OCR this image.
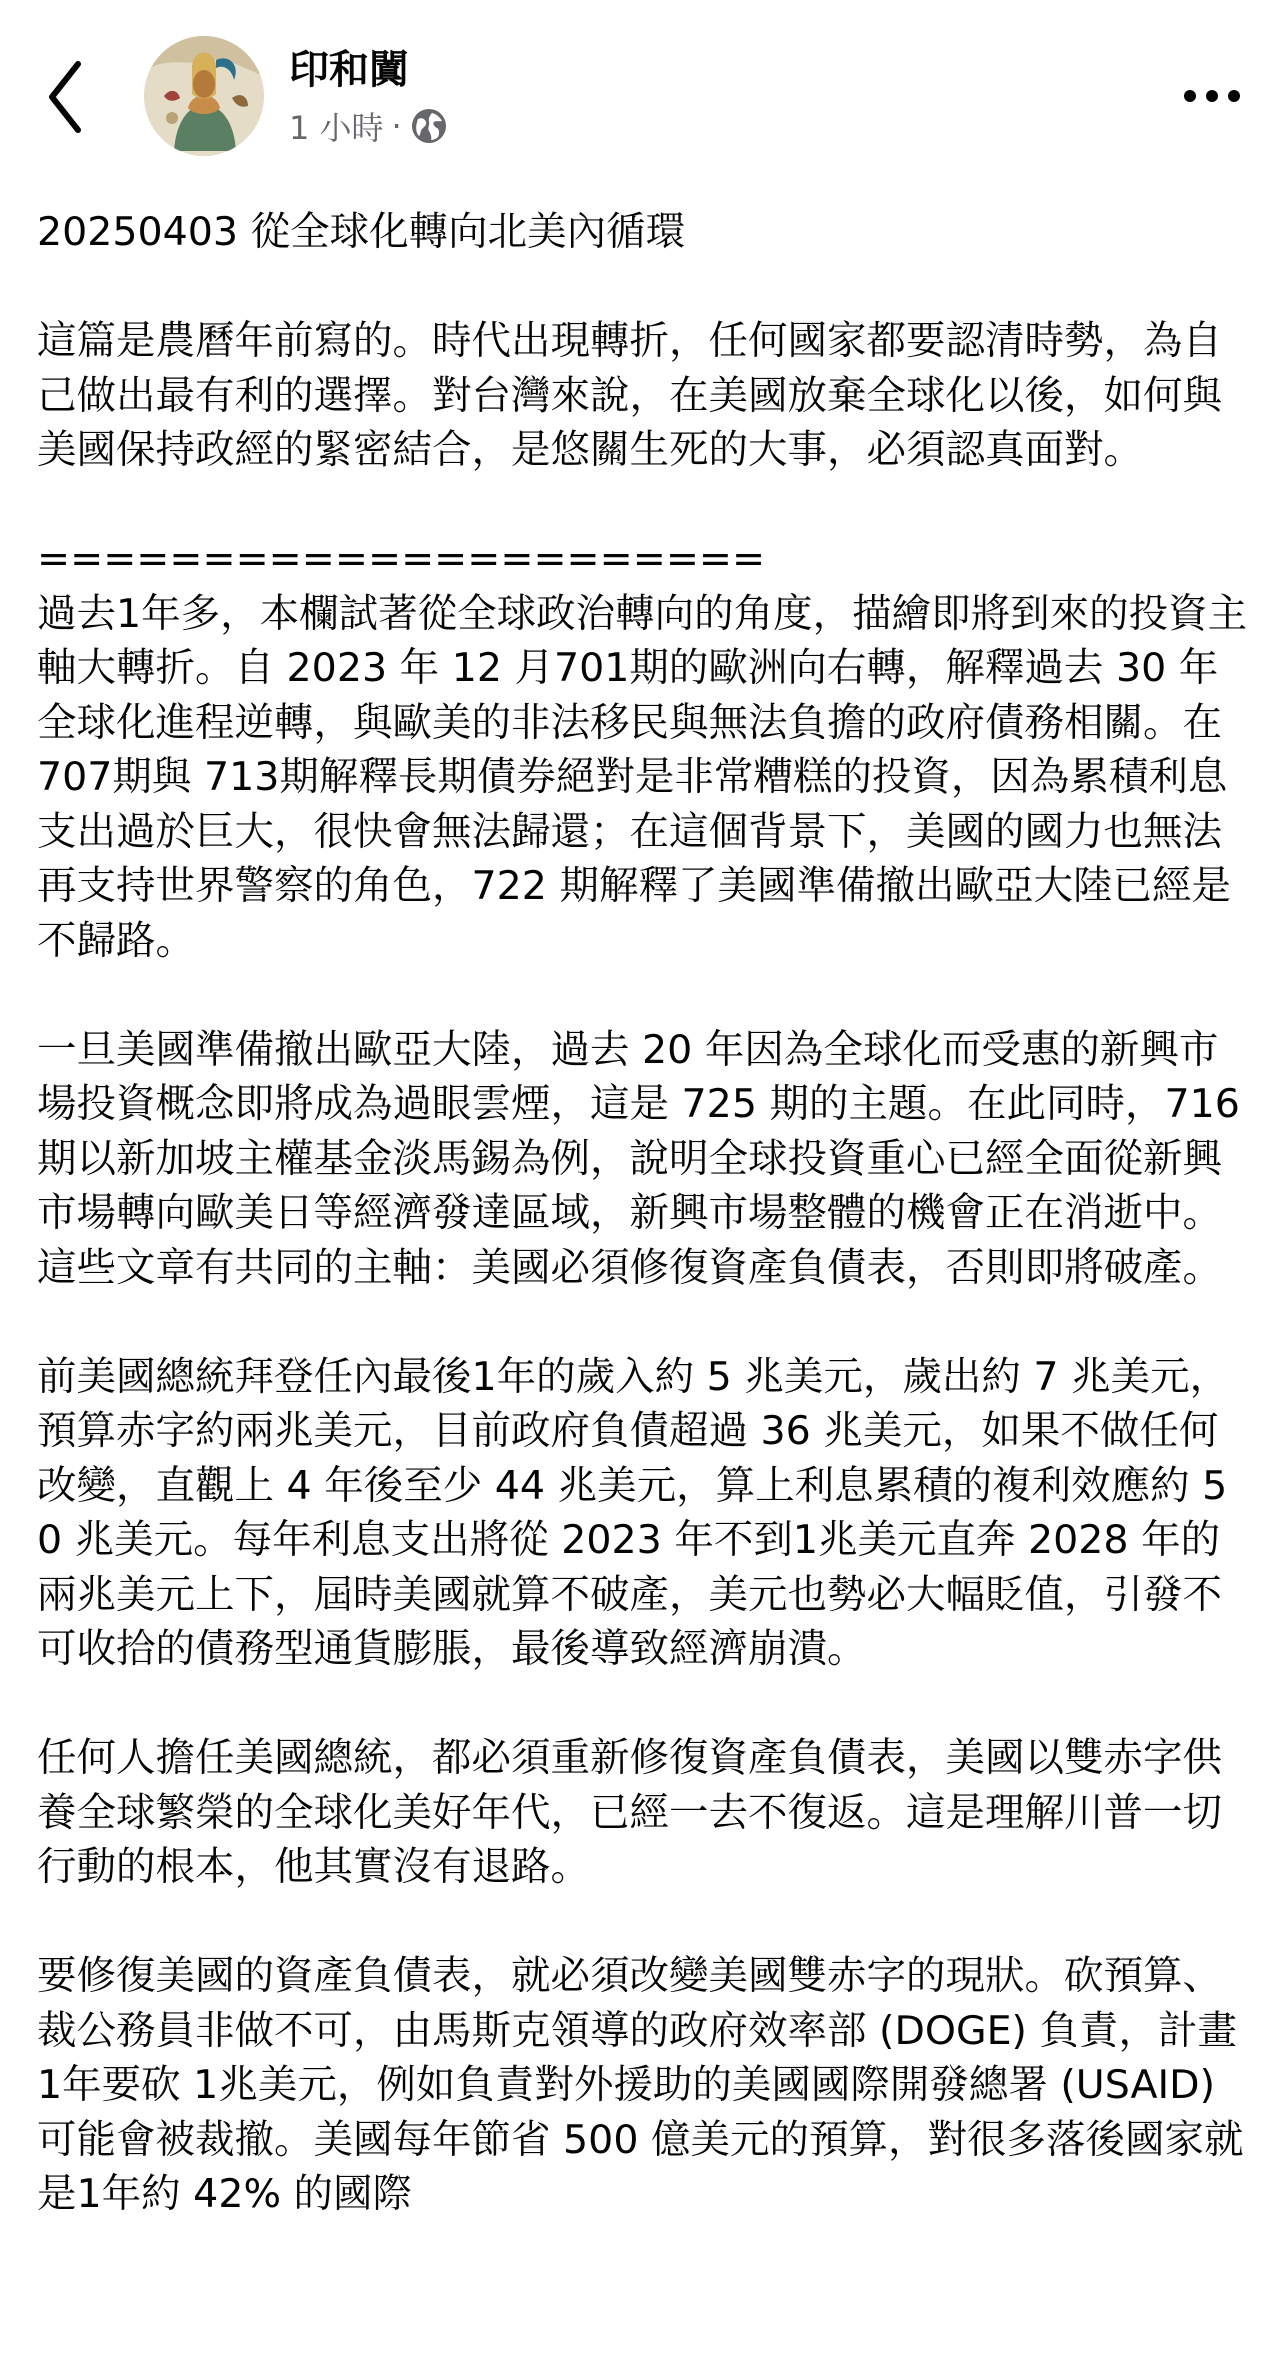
印和闐
1 小時 ·

20250403 從全球化轉向北美內循環

這篇是農曆年前寫的。時代出現轉折，任何國家都要認清時勢，為自己做出最有利的選擇。對台灣來說，在美國放棄全球化以後，如何與美國保持政經的緊密結合，是悠關生死的大事，必須認真面對。

======================
過去1年多，本欄試著從全球政治轉向的角度，描繪即將到來的投資主軸大轉折。自 2023 年 12 月701期的歐洲向右轉，解釋過去 30 年全球化進程逆轉，與歐美的非法移民與無法負擔的政府債務相關。在 707期與 713期解釋長期債券絕對是非常糟糕的投資，因為累積利息支出過於巨大，很快會無法歸還；在這個背景下，美國的國力也無法再支持世界警察的角色，722 期解釋了美國準備撤出歐亞大陸已經是不歸路。

一旦美國準備撤出歐亞大陸，過去 20 年因為全球化而受惠的新興市場投資概念即將成為過眼雲煙，這是 725 期的主題。在此同時，716 期以新加坡主權基金淡馬錫為例，說明全球投資重心已經全面從新興市場轉向歐美日等經濟發達區域，新興市場整體的機會正在消逝中。這些文章有共同的主軸：美國必須修復資產負債表，否則即將破產。

前美國總統拜登任內最後1年的歲入約 5 兆美元，歲出約 7 兆美元，預算赤字約兩兆美元，目前政府負債超過 36 兆美元，如果不做任何改變，直觀上 4 年後至少 44 兆美元，算上利息累積的複利效應約 50 兆美元。每年利息支出將從 2023 年不到1兆美元直奔 2028 年的兩兆美元上下，屆時美國就算不破產，美元也勢必大幅貶值，引發不可收拾的債務型通貨膨脹，最後導致經濟崩潰。

任何人擔任美國總統，都必須重新修復資產負債表，美國以雙赤字供養全球繁榮的全球化美好年代，已經一去不復返。這是理解川普一切行動的根本，他其實沒有退路。

要修復美國的資產負債表，就必須改變美國雙赤字的現狀。砍預算、裁公務員非做不可，由馬斯克領導的政府效率部 (DOGE) 負責，計畫 1年要砍 1兆美元，例如負責對外援助的美國國際開發總署 (USAID) 可能會被裁撤。美國每年節省 500 億美元的預算，對很多落後國家就是1年約 42% 的國際
